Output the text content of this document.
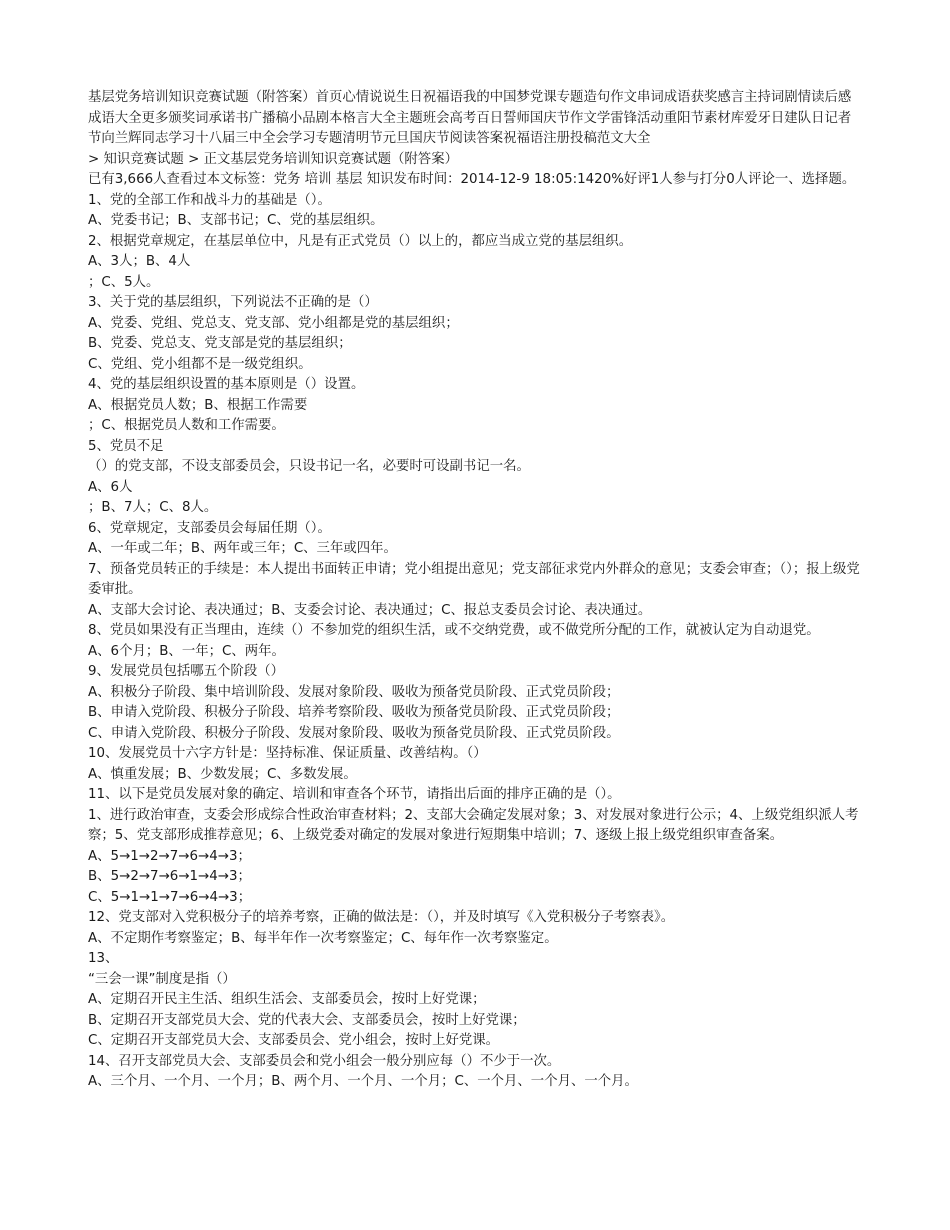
基层党务培训知识竞赛试题（附答案）首页心情说说生日祝福语我的中国梦党课专题造句作文串词成语获奖感言主持词剧情读后感成语大全更多颁奖词承诺书广播稿小品剧本格言大全主题班会高考百日誓师国庆节作文学雷锋活动重阳节素材库爱牙日建队日记者节向兰辉同志学习十八届三中全会学习专题清明节元旦国庆节阅读答案祝福语注册投稿范文大全

> 知识竞赛试题 > 正文基层党务培训知识竞赛试题（附答案）

已有3,666人查看过本文标签：党务 培训 基层 知识发布时间：2014-12-9 18:05:1420%好评1人参与打分0人评论一、选择题。

1、党的全部工作和战斗力的基础是（）。

A、党委书记；B、支部书记；C、党的基层组织。

2、根据党章规定，在基层单位中，凡是有正式党员（）以上的，都应当成立党的基层组织。

A、3人；B、4人

；C、5人。

3、关于党的基层组织，下列说法不正确的是（）

A、党委、党组、党总支、党支部、党小组都是党的基层组织；

B、党委、党总支、党支部是党的基层组织；

C、党组、党小组都不是一级党组织。

4、党的基层组织设置的基本原则是（）设置。

A、根据党员人数；B、根据工作需要

；C、根据党员人数和工作需要。

5、党员不足

（）的党支部，不设支部委员会，只设书记一名，必要时可设副书记一名。

A、6人

；B、7人；C、8人。

6、党章规定，支部委员会每届任期（）。

A、一年或二年；B、两年或三年；C、三年或四年。

7、预备党员转正的手续是：本人提出书面转正申请；党小组提出意见；党支部征求党内外群众的意见；支委会审查；（）；报上级党委审批。

A、支部大会讨论、表决通过；B、支委会讨论、表决通过；C、报总支委员会讨论、表决通过。

8、党员如果没有正当理由，连续（）不参加党的组织生活，或不交纳党费，或不做党所分配的工作，就被认定为自动退党。

A、6个月；B、一年；C、两年。

9、发展党员包括哪五个阶段（）

A、积极分子阶段、集中培训阶段、发展对象阶段、吸收为预备党员阶段、正式党员阶段；

B、申请入党阶段、积极分子阶段、培养考察阶段、吸收为预备党员阶段、正式党员阶段；

C、申请入党阶段、积极分子阶段、发展对象阶段、吸收为预备党员阶段、正式党员阶段。

10、发展党员十六字方针是：坚持标准、保证质量、改善结构。（）

A、慎重发展；B、少数发展；C、多数发展。

11、以下是党员发展对象的确定、培训和审查各个环节，请指出后面的排序正确的是（）。

1、进行政治审查，支委会形成综合性政治审查材料；2、支部大会确定发展对象；3、对发展对象进行公示；4、上级党组织派人考察；5、党支部形成推荐意见；6、上级党委对确定的发展对象进行短期集中培训；7、逐级上报上级党组织审查备案。

A、5→1→2→7→6→4→3；

B、5→2→7→6→1→4→3；

C、5→1→1→7→6→4→3；

12、党支部对入党积极分子的培养考察，正确的做法是：（），并及时填写《入党积极分子考察表》。

A、不定期作考察鉴定；B、每半年作一次考察鉴定；C、每年作一次考察鉴定。

13、

“三会一课”制度是指（）

A、定期召开民主生活、组织生活会、支部委员会，按时上好党课；

B、定期召开支部党员大会、党的代表大会、支部委员会，按时上好党课；

C、定期召开支部党员大会、支部委员会、党小组会，按时上好党课。

14、召开支部党员大会、支部委员会和党小组会一般分别应每（）不少于一次。

A、三个月、一个月、一个月；B、两个月、一个月、一个月；C、一个月、一个月、一个月。
